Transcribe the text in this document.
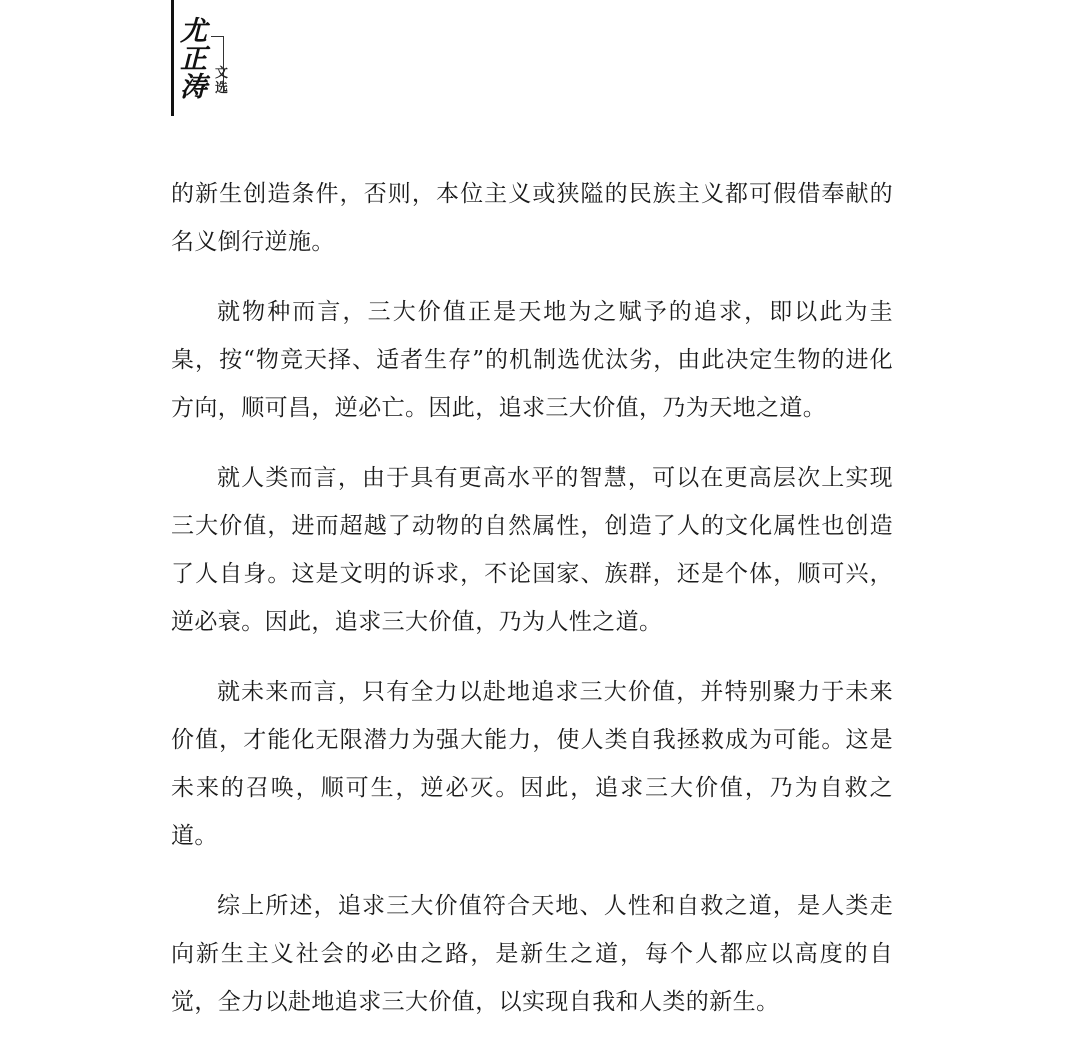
尤
正
涛 文选

的新生创造条件，否则，本位主义或狭隘的民族主义都可假借奉献的名义倒行逆施。

就物种而言，三大价值正是天地为之赋予的追求，即以此为圭臬，按“物竞天择、适者生存”的机制选优汰劣，由此决定生物的进化方向，顺可昌，逆必亡。因此，追求三大价值，乃为天地之道。

就人类而言，由于具有更高水平的智慧，可以在更高层次上实现三大价值，进而超越了动物的自然属性，创造了人的文化属性也创造了人自身。这是文明的诉求，不论国家、族群，还是个体，顺可兴，逆必衰。因此，追求三大价值，乃为人性之道。

就未来而言，只有全力以赴地追求三大价值，并特别聚力于未来价值，才能化无限潜力为强大能力，使人类自我拯救成为可能。这是未来的召唤，顺可生，逆必灭。因此，追求三大价值，乃为自救之道。

综上所述，追求三大价值符合天地、人性和自救之道，是人类走向新生主义社会的必由之路，是新生之道，每个人都应以高度的自觉，全力以赴地追求三大价值，以实现自我和人类的新生。
